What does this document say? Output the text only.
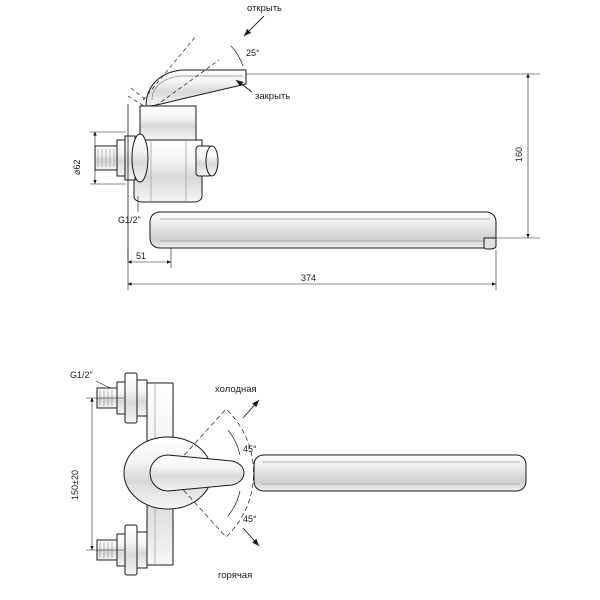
открыть
закрыть
25°
G1/2"
⌀62
51
374
160
G1/2"
холодная
горячая
45°
45°
150±20
